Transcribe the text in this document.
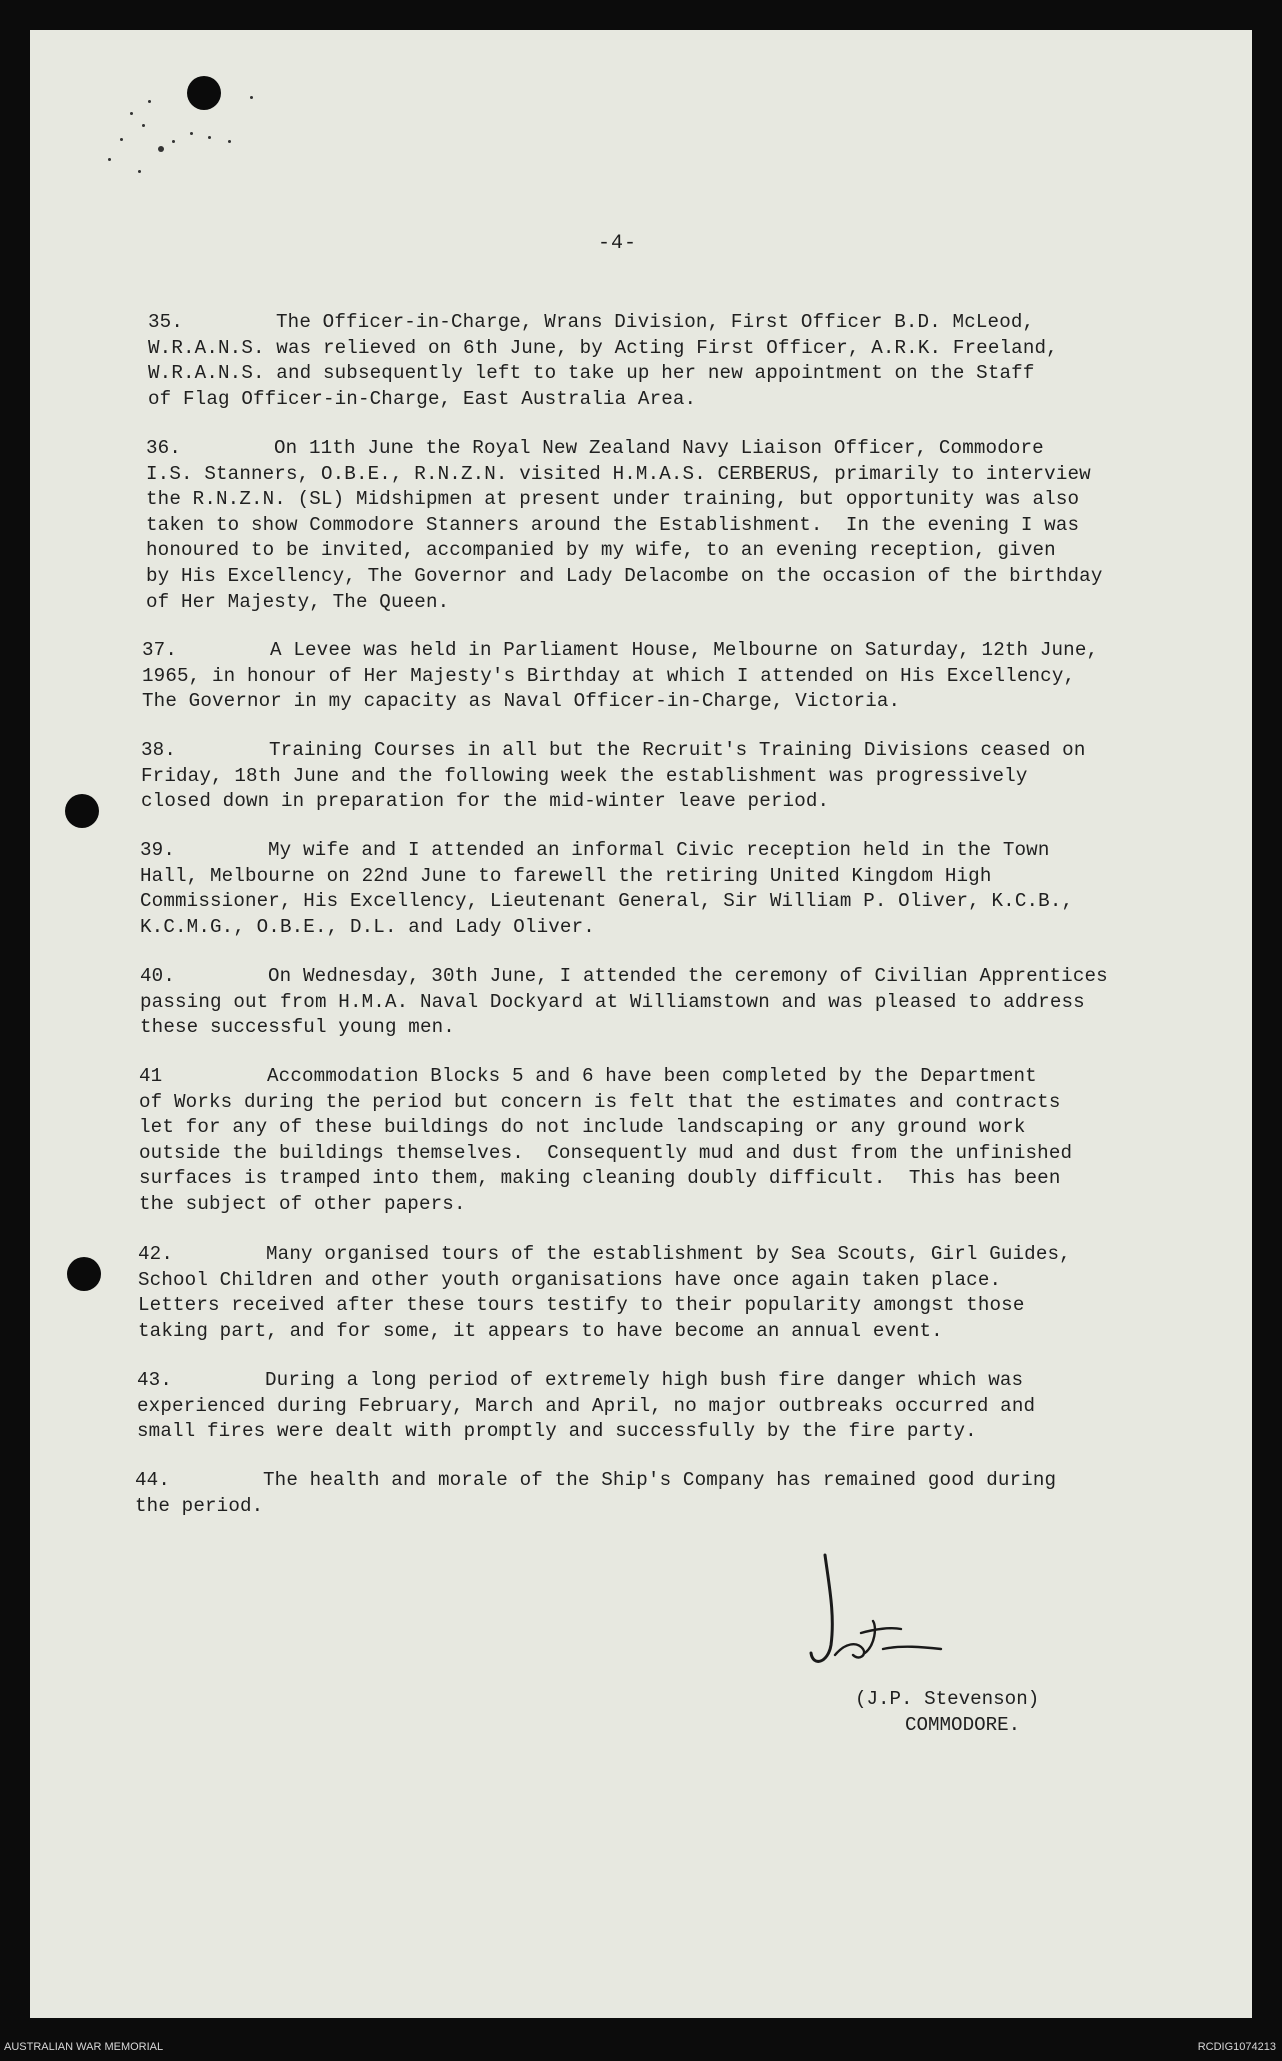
-4-
35.	The Officer-in-Charge, Wrans Division, First Officer B.D. McLeod,
W.R.A.N.S. was relieved on 6th June, by Acting First Officer, A.R.K. Freeland,
W.R.A.N.S. and subsequently left to take up her new appointment on the Staff
of Flag Officer-in-Charge, East Australia Area.
36.	On 11th June the Royal New Zealand Navy Liaison Officer, Commodore
I.S. Stanners, O.B.E., R.N.Z.N. visited H.M.A.S. CERBERUS, primarily to interview
the R.N.Z.N. (SL) Midshipmen at present under training, but opportunity was also
taken to show Commodore Stanners around the Establishment.  In the evening I was
honoured to be invited, accompanied by my wife, to an evening reception, given
by His Excellency, The Governor and Lady Delacombe on the occasion of the birthday
of Her Majesty, The Queen.
37.	A Levee was held in Parliament House, Melbourne on Saturday, 12th June,
1965, in honour of Her Majesty's Birthday at which I attended on His Excellency,
The Governor in my capacity as Naval Officer-in-Charge, Victoria.
38.	Training Courses in all but the Recruit's Training Divisions ceased on
Friday, 18th June and the following week the establishment was progressively
closed down in preparation for the mid-winter leave period.
39.	My wife and I attended an informal Civic reception held in the Town
Hall, Melbourne on 22nd June to farewell the retiring United Kingdom High
Commissioner, His Excellency, Lieutenant General, Sir William P. Oliver, K.C.B.,
K.C.M.G., O.B.E., D.L. and Lady Oliver.
40.	On Wednesday, 30th June, I attended the ceremony of Civilian Apprentices
passing out from H.M.A. Naval Dockyard at Williamstown and was pleased to address
these successful young men.
41	Accommodation Blocks 5 and 6 have been completed by the Department
of Works during the period but concern is felt that the estimates and contracts
let for any of these buildings do not include landscaping or any ground work
outside the buildings themselves.  Consequently mud and dust from the unfinished
surfaces is tramped into them, making cleaning doubly difficult.  This has been
the subject of other papers.
42.	Many organised tours of the establishment by Sea Scouts, Girl Guides,
School Children and other youth organisations have once again taken place.
Letters received after these tours testify to their popularity amongst those
taking part, and for some, it appears to have become an annual event.
43.	During a long period of extremely high bush fire danger which was
experienced during February, March and April, no major outbreaks occurred and
small fires were dealt with promptly and successfully by the fire party.
44.	The health and morale of the Ship's Company has remained good during
the period.
(J.P. Stevenson)
COMMODORE.
AUSTRALIAN WAR MEMORIAL	RCDIG1074213
